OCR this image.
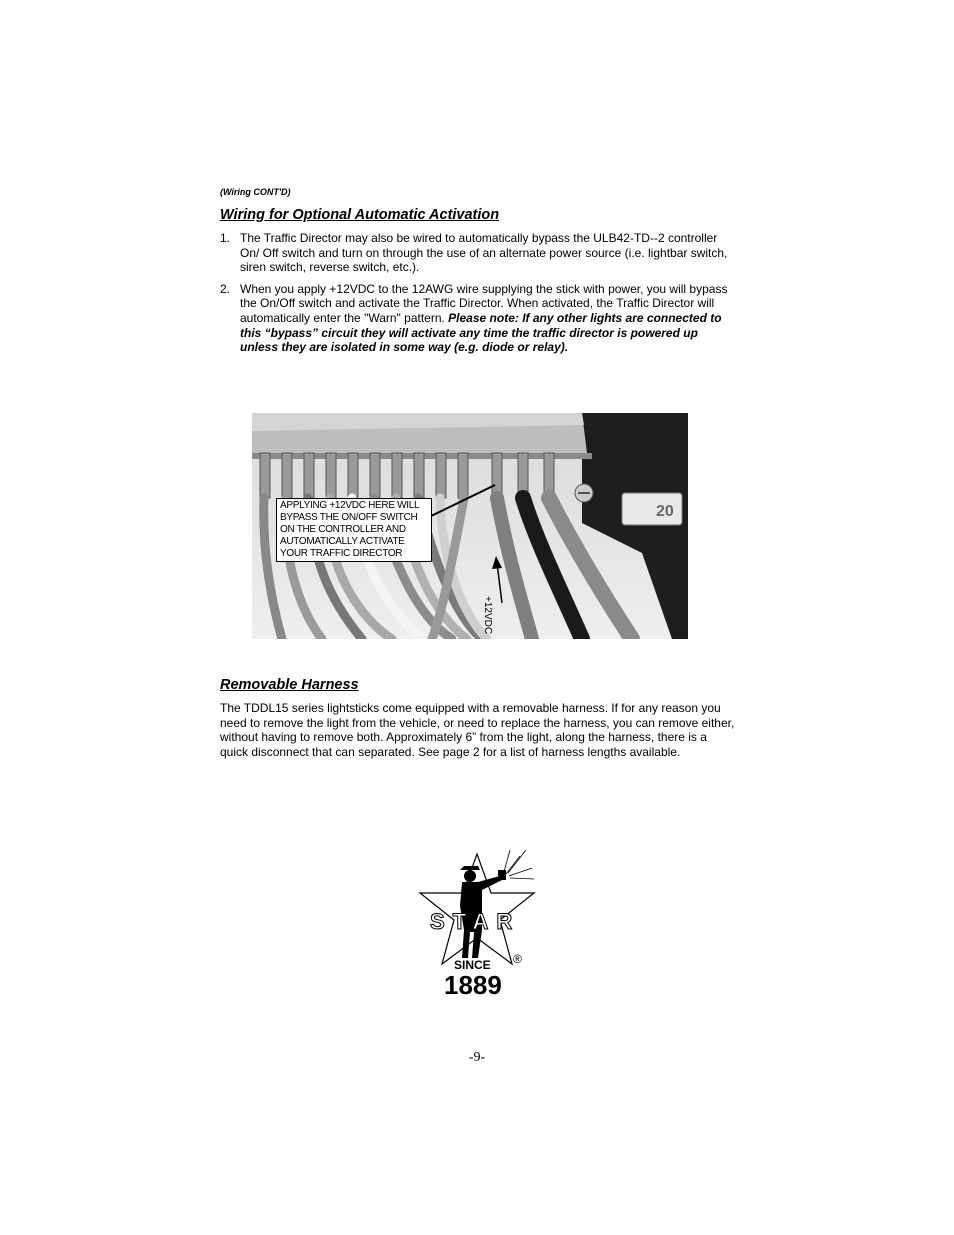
(Wiring CONT'D)
Wiring for Optional Automatic Activation
1. The Traffic Director may also be wired to automatically bypass the ULB42-TD--2 controller On/ Off switch and turn on through the use of an alternate power source (i.e. lightbar switch, siren switch, reverse switch, etc.).
2. When you apply +12VDC to the 12AWG wire supplying the stick with power, you will bypass the On/Off switch and activate the Traffic Director. When activated, the Traffic Director will automatically enter the "Warn" pattern. Please note: If any other lights are connected to this “bypass” circuit they will activate any time the traffic director is powered up unless they are isolated in some way (e.g. diode or relay).
20
APPLYING +12VDC HERE WILL BYPASS THE ON/OFF SWITCH ON THE CONTROLLER AND AUTOMATICALLY ACTIVATE YOUR TRAFFIC DIRECTOR
+12VDC
Removable Harness
The TDDL15 series lightsticks come equipped with a removable harness. If for any reason you need to remove the light from the vehicle, or need to replace the harness, you can remove either, without having to remove both. Approximately 6” from the light, along the harness, there is a quick disconnect that can separated. See page 2 for a list of harness lengths available.
STAR
SINCE ®
1889
-9-
